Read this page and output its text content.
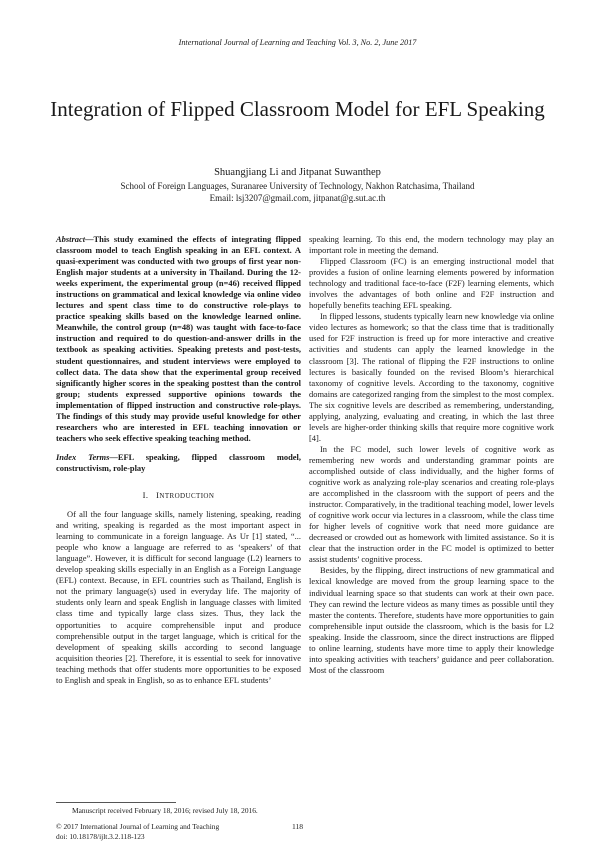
International Journal of Learning and Teaching Vol. 3, No. 2, June 2017
Integration of Flipped Classroom Model for EFL Speaking
Shuangjiang Li and Jitpanat Suwanthep
School of Foreign Languages, Suranaree University of Technology, Nakhon Ratchasima, Thailand
Email: lsj3207@gmail.com, jitpanat@g.sut.ac.th

Abstract—This study examined the effects of integrating flipped classroom model to teach English speaking in an EFL context. A quasi-experiment was conducted with two groups of first year non-English major students at a university in Thailand. During the 12-weeks experiment, the experimental group (n=46) received flipped instructions on grammatical and lexical knowledge via online video lectures and spent class time to do constructive role-plays to practice speaking skills based on the knowledge learned online. Meanwhile, the control group (n=48) was taught with face-to-face instruction and required to do question-and-answer drills in the textbook as speaking activities. Speaking pretests and post-tests, student questionnaires, and student interviews were employed to collect data. The data show that the experimental group received significantly higher scores in the speaking posttest than the control group; students expressed supportive opinions towards the implementation of flipped instruction and constructive role-plays. The findings of this study may provide useful knowledge for other researchers who are interested in EFL teaching innovation or teachers who seek effective speaking teaching method.

Index Terms—EFL speaking, flipped classroom model, constructivism, role-play

I. INTRODUCTION

Of all the four language skills, namely listening, speaking, reading and writing, speaking is regarded as the most important aspect in learning to communicate in a foreign language. As Ur [1] stated, “... people who know a language are referred to as ‘speakers’ of that language”. However, it is difficult for second language (L2) learners to develop speaking skills especially in an English as a Foreign Language (EFL) context. Because, in EFL countries such as Thailand, English is not the primary language(s) used in everyday life. The majority of students only learn and speak English in language classes with limited class time and typically large class sizes. Thus, they lack the opportunities to acquire comprehensible input and produce comprehensible output in the target language, which is critical for the development of speaking skills according to second language acquisition theories [2]. Therefore, it is essential to seek for innovative teaching methods that offer students more opportunities to be exposed to English and speak in English, so as to enhance EFL students’

speaking learning. To this end, the modern technology may play an important role in meeting the demand.

Flipped Classroom (FC) is an emerging instructional model that provides a fusion of online learning elements powered by information technology and traditional face-to-face (F2F) learning elements, which involves the advantages of both online and F2F instruction and hopefully benefits teaching EFL speaking.

In flipped lessons, students typically learn new knowledge via online video lectures as homework; so that the class time that is traditionally used for F2F instruction is freed up for more interactive and creative activities and students can apply the learned knowledge in the classroom [3]. The rational of flipping the F2F instructions to online lectures is basically founded on the revised Bloom’s hierarchical taxonomy of cognitive levels. According to the taxonomy, cognitive domains are categorized ranging from the simplest to the most complex. The six cognitive levels are described as remembering, understanding, applying, analyzing, evaluating and creating, in which the last three levels are higher-order thinking skills that require more cognitive work [4].

In the FC model, such lower levels of cognitive work as remembering new words and understanding grammar points are accomplished outside of class individually, and the higher forms of cognitive work as analyzing role-play scenarios and creating role-plays are accomplished in the classroom with the support of peers and the instructor. Comparatively, in the traditional teaching model, lower levels of cognitive work occur via lectures in a classroom, while the class time for higher levels of cognitive work that need more guidance are decreased or crowded out as homework with limited assistance. So it is clear that the instruction order in the FC model is optimized to better assist students’ cognitive process.

Besides, by the flipping, direct instructions of new grammatical and lexical knowledge are moved from the group learning space to the individual learning space so that students can work at their own pace. They can rewind the lecture videos as many times as possible until they master the contents. Therefore, students have more opportunities to gain comprehensible input outside the classroom, which is the basis for L2 speaking. Inside the classroom, since the direct instructions are flipped to online learning, students have more time to apply their knowledge into speaking activities with teachers’ guidance and peer collaboration. Most of the classroom

Manuscript received February 18, 2016; revised July 18, 2016.
© 2017 International Journal of Learning and Teaching
doi: 10.18178/ijlt.3.2.118-123
118
